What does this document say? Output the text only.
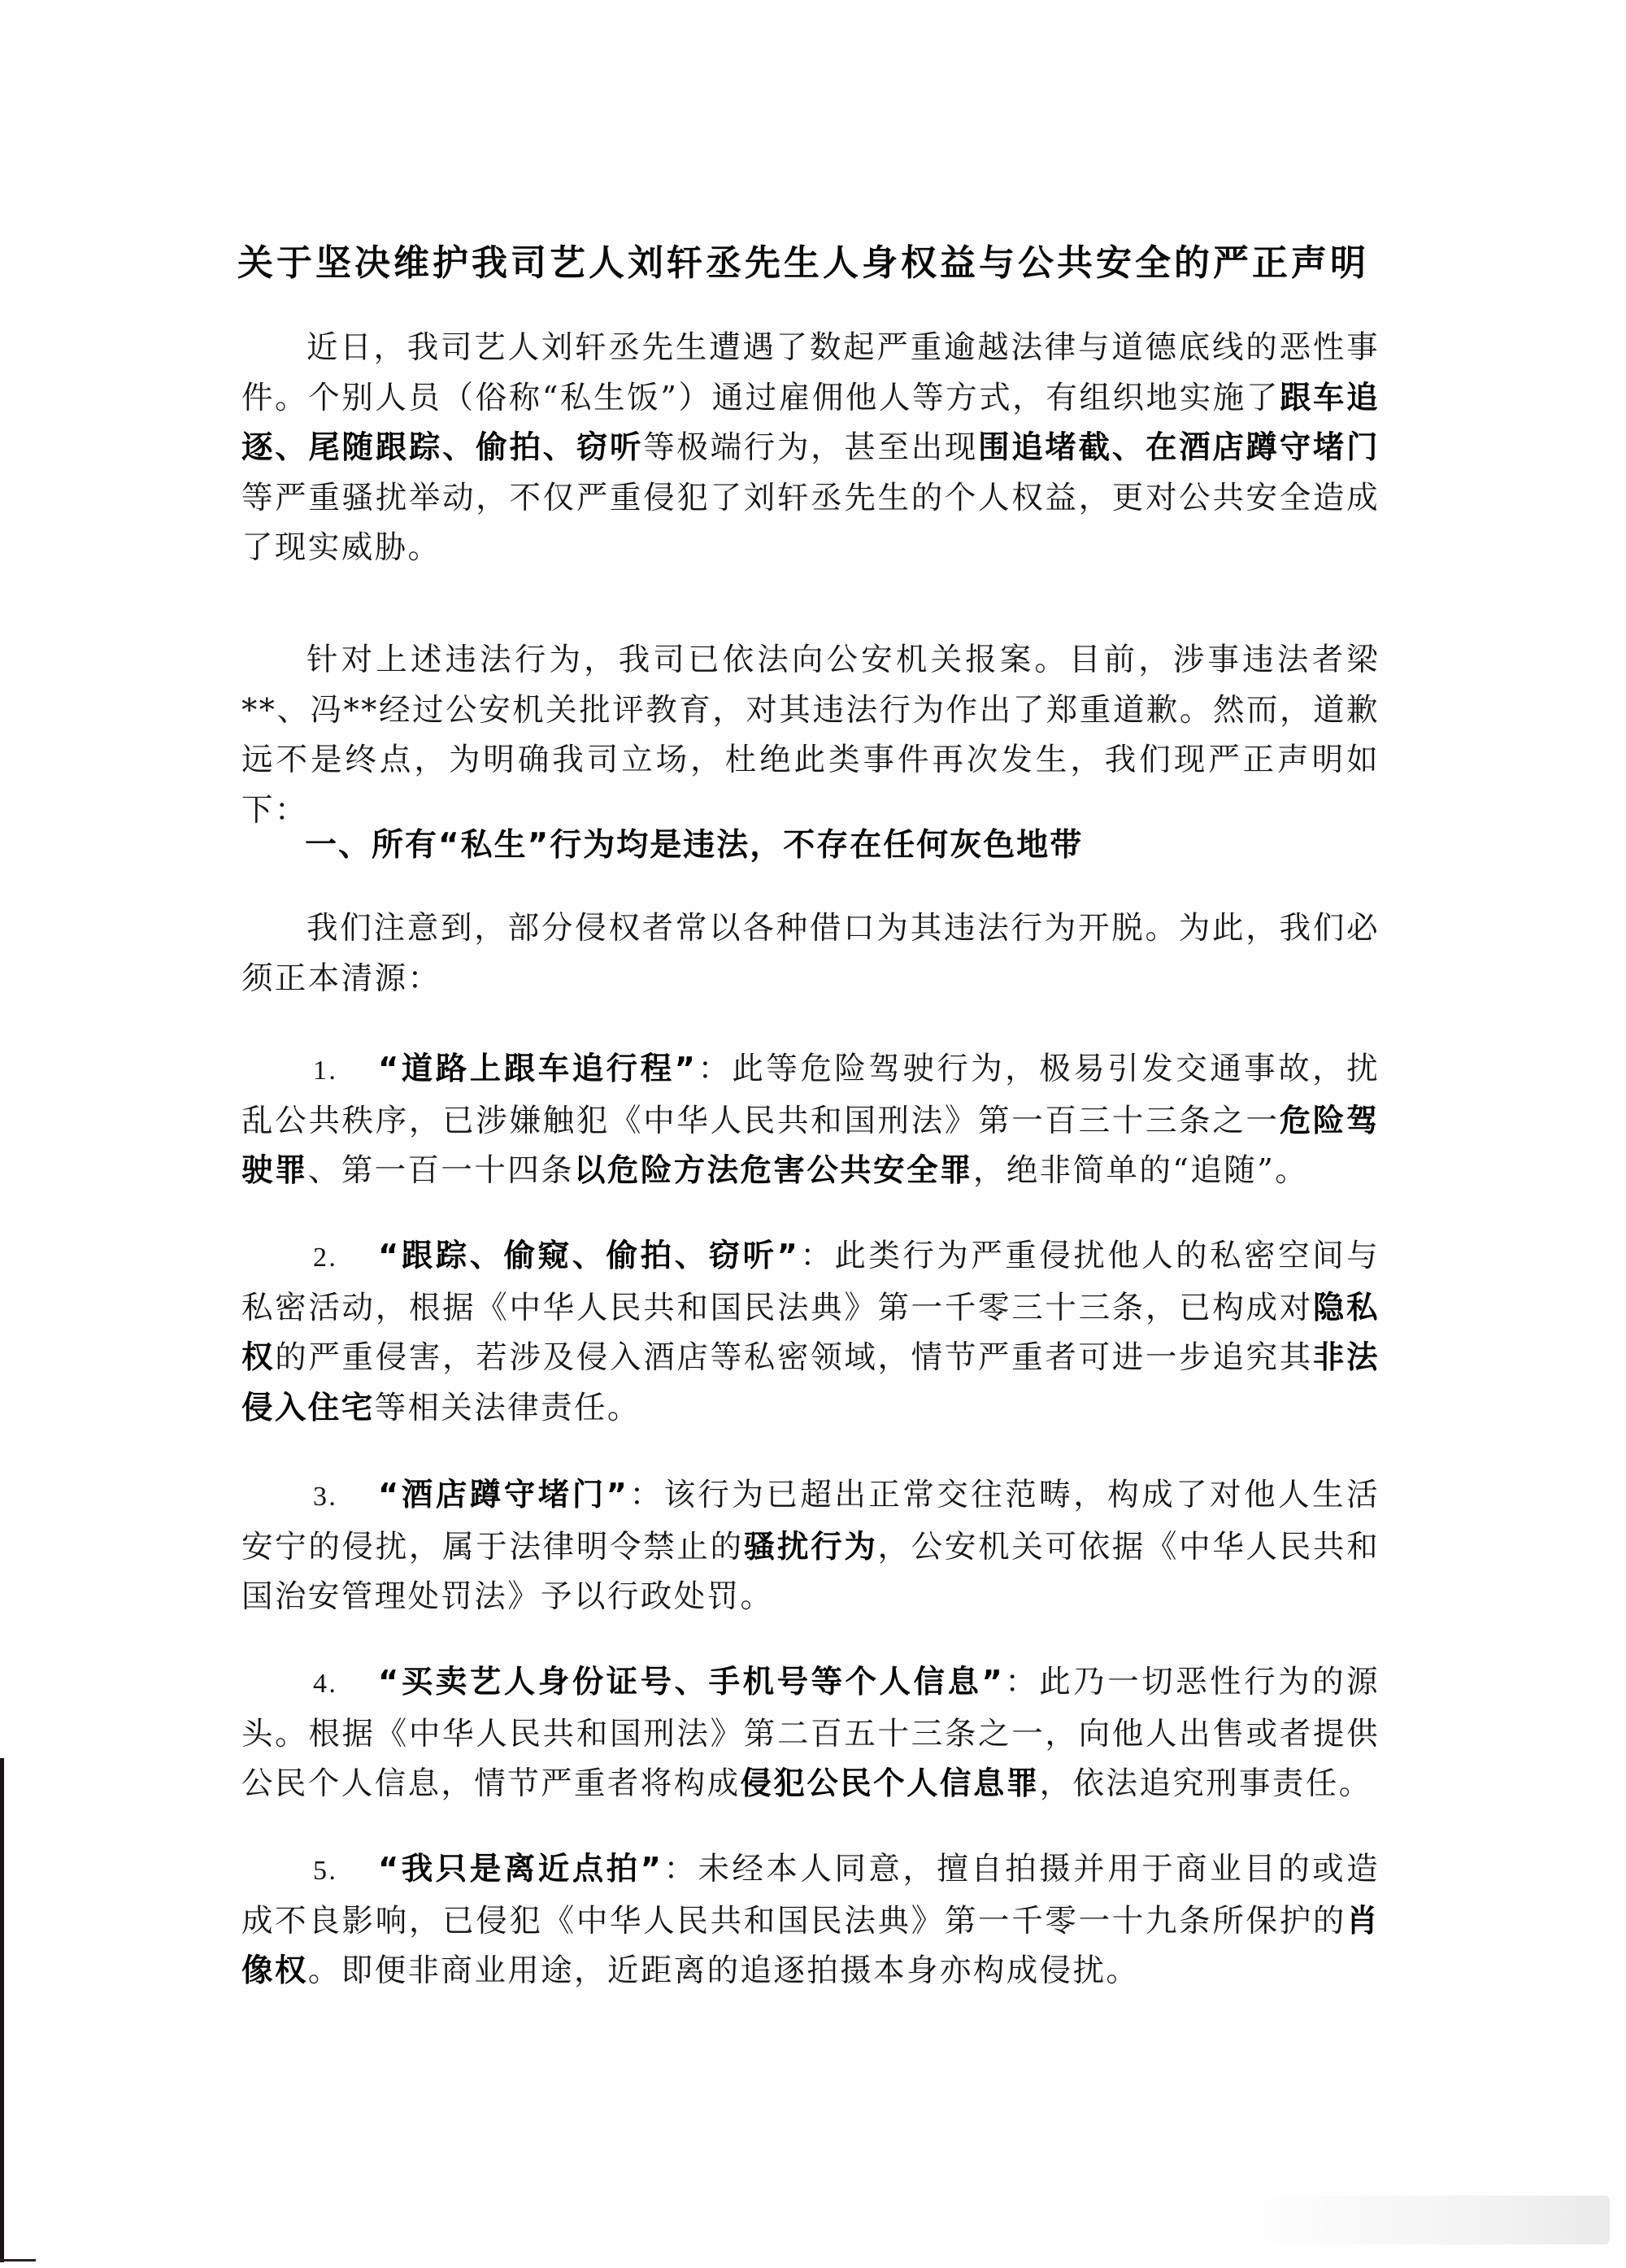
关于坚决维护我司艺人刘轩丞先生人身权益与公共安全的严正声明
近日，我司艺人刘轩丞先生遭遇了数起严重逾越法律与道德底线的恶性事件。个别人员（俗称“私生饭”）通过雇佣他人等方式，有组织地实施了跟车追逐、尾随跟踪、偷拍、窃听等极端行为，甚至出现围追堵截、在酒店蹲守堵门等严重骚扰举动，不仅严重侵犯了刘轩丞先生的个人权益，更对公共安全造成了现实威胁。
针对上述违法行为，我司已依法向公安机关报案。目前，涉事违法者梁**、冯**经过公安机关批评教育，对其违法行为作出了郑重道歉。然而，道歉远不是终点，为明确我司立场，杜绝此类事件再次发生，我们现严正声明如下：
一、所有“私生”行为均是违法，不存在任何灰色地带
我们注意到，部分侵权者常以各种借口为其违法行为开脱。为此，我们必须正本清源：
1. “道路上跟车追行程”：此等危险驾驶行为，极易引发交通事故，扰乱公共秩序，已涉嫌触犯《中华人民共和国刑法》第一百三十三条之一危险驾驶罪、第一百一十四条以危险方法危害公共安全罪，绝非简单的“追随”。
2. “跟踪、偷窥、偷拍、窃听”：此类行为严重侵扰他人的私密空间与私密活动，根据《中华人民共和国民法典》第一千零三十三条，已构成对隐私权的严重侵害，若涉及侵入酒店等私密领域，情节严重者可进一步追究其非法侵入住宅等相关法律责任。
3. “酒店蹲守堵门”：该行为已超出正常交往范畴，构成了对他人生活安宁的侵扰，属于法律明令禁止的骚扰行为，公安机关可依据《中华人民共和国治安管理处罚法》予以行政处罚。
4. “买卖艺人身份证号、手机号等个人信息”：此乃一切恶性行为的源头。根据《中华人民共和国刑法》第二百五十三条之一，向他人出售或者提供公民个人信息，情节严重者将构成侵犯公民个人信息罪，依法追究刑事责任。
5. “我只是离近点拍”：未经本人同意，擅自拍摄并用于商业目的或造成不良影响，已侵犯《中华人民共和国民法典》第一千零一十九条所保护的肖像权。即便非商业用途，近距离的追逐拍摄本身亦构成侵扰。
